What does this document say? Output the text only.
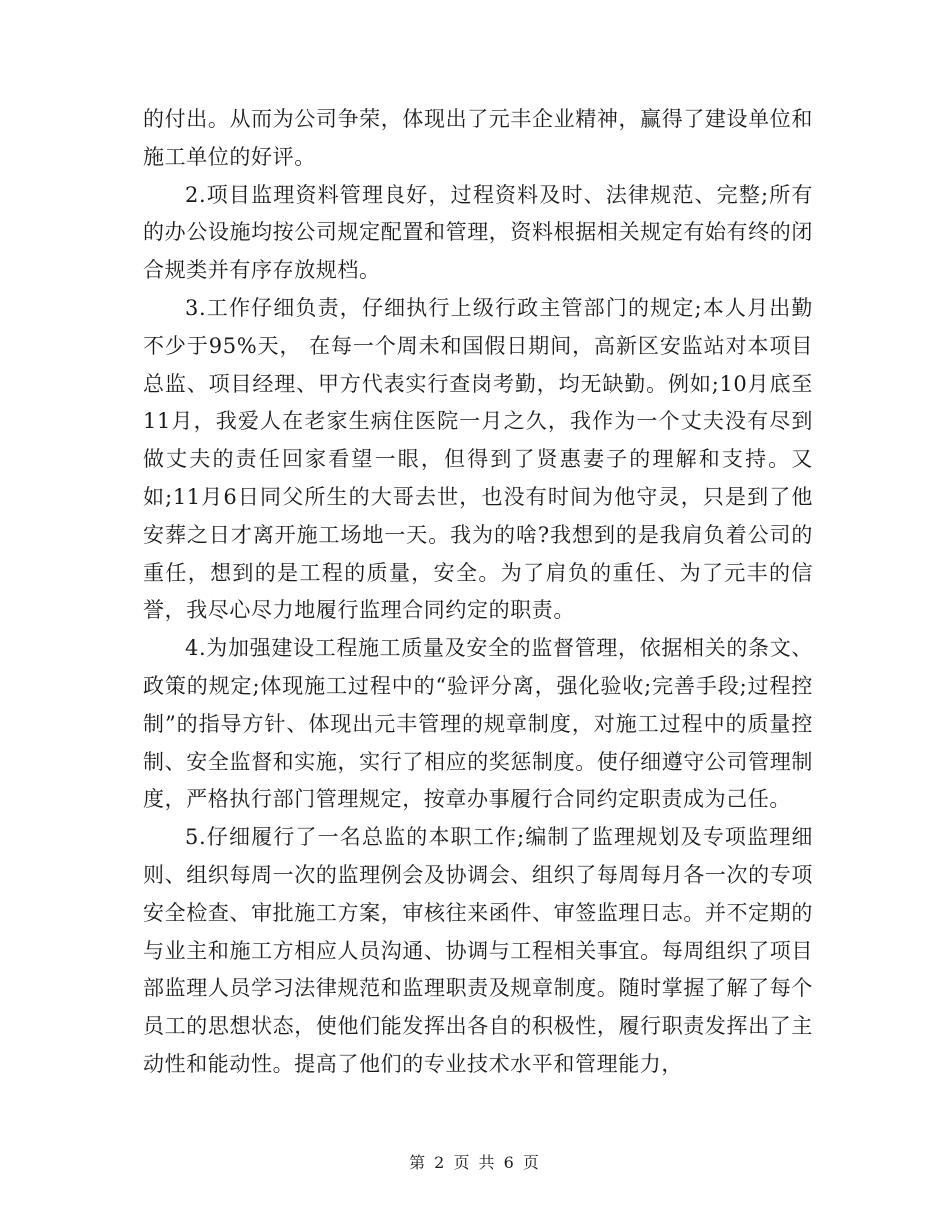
的付出。从而为公司争荣，体现出了元丰企业精神，赢得了建设单位和施工单位的好评。

2.项目监理资料管理良好，过程资料及时、法律规范、完整;所有的办公设施均按公司规定配置和管理，资料根据相关规定有始有终的闭合规类并有序存放规档。

3.工作仔细负责，仔细执行上级行政主管部门的规定;本人月出勤不少于95%天， 在每一个周未和国假日期间，高新区安监站对本项目总监、项目经理、甲方代表实行查岗考勤，均无缺勤。例如;10月底至11月，我爱人在老家生病住医院一月之久，我作为一个丈夫没有尽到做丈夫的责任回家看望一眼，但得到了贤惠妻子的理解和支持。又如;11月6日同父所生的大哥去世，也没有时间为他守灵，只是到了他安葬之日才离开施工场地一天。我为的啥?我想到的是我肩负着公司的重任，想到的是工程的质量，安全。为了肩负的重任、为了元丰的信誉，我尽心尽力地履行监理合同约定的职责。

4.为加强建设工程施工质量及安全的监督管理，依据相关的条文、政策的规定;体现施工过程中的“验评分离，强化验收;完善手段;过程控制”的指导方针、体现出元丰管理的规章制度，对施工过程中的质量控制、安全监督和实施，实行了相应的奖惩制度。使仔细遵守公司管理制度，严格执行部门管理规定，按章办事履行合同约定职责成为己任。

5.仔细履行了一名总监的本职工作;编制了监理规划及专项监理细则、组织每周一次的监理例会及协调会、组织了每周每月各一次的专项安全检查、审批施工方案，审核往来函件、审签监理日志。并不定期的与业主和施工方相应人员沟通、协调与工程相关事宜。每周组织了项目部监理人员学习法律规范和监理职责及规章制度。随时掌握了解了每个员工的思想状态，使他们能发挥出各自的积极性，履行职责发挥出了主动性和能动性。提高了他们的专业技术水平和管理能力，

第 2 页 共 6 页
